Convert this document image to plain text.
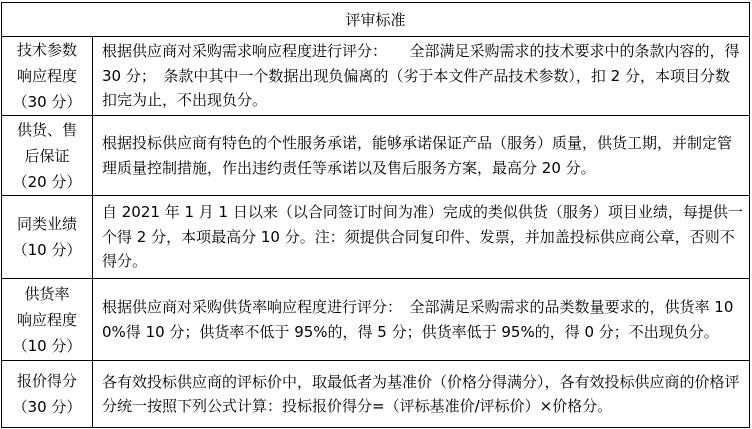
评审标准	

技术参数
响应程度
（30 分）	根据供应商对采购需求响应程度进行评分：　　全部满足采购需求的技术要求中的条款内容的，得 30 分；　条款中其中一个数据出现负偏离的（劣于本文件产品技术参数），扣 2 分，本项目分数扣完为止，不出现负分。

供货、售
后保证
（20 分）	根据投标供应商有特色的个性服务承诺，能够承诺保证产品（服务）质量，供货工期，并制定管理质量控制措施，作出违约责任等承诺以及售后服务方案，最高分 20 分。

同类业绩
（10 分）	自 2021 年 1 月 1 日以来（以合同签订时间为准）完成的类似供货（服务）项目业绩，每提供一个得 2 分，本项最高分 10 分。注：须提供合同复印件、发票，并加盖投标供应商公章，否则不得分。

供货率
响应程度
（10 分）	根据供应商对采购供货率响应程度进行评分：　全部满足采购需求的品类数量要求的，供货率 100%得 10 分；供货率不低于 95%的，得 5 分；供货率低于 95%的，得 0 分；不出现负分。

报价得分
（30 分）	各有效投标供应商的评标价中，取最低者为基准价（价格分得满分），各有效投标供应商的价格评分统一按照下列公式计算：投标报价得分=（评标基准价/评标价）×价格分。
